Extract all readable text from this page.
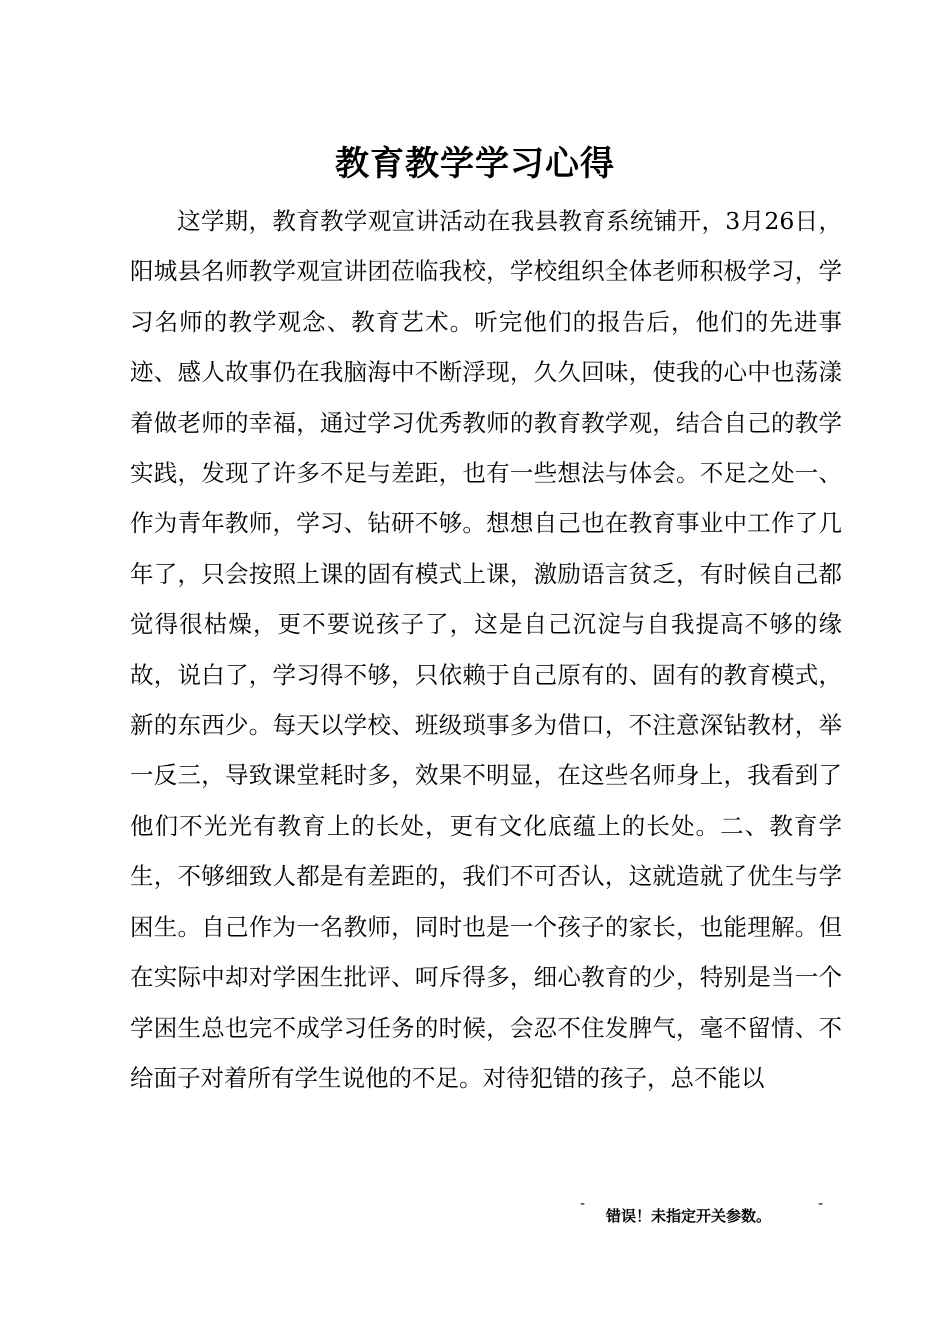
教育教学学习心得

这学期，教育教学观宣讲活动在我县教育系统铺开，3月26日，阳城县名师教学观宣讲团莅临我校，学校组织全体老师积极学习，学习名师的教学观念、教育艺术。听完他们的报告后，他们的先进事迹、感人故事仍在我脑海中不断浮现，久久回味，使我的心中也荡漾着做老师的幸福，通过学习优秀教师的教育教学观，结合自己的教学实践，发现了许多不足与差距，也有一些想法与体会。不足之处一、作为青年教师，学习、钻研不够。想想自己也在教育事业中工作了几年了，只会按照上课的固有模式上课，激励语言贫乏，有时候自己都觉得很枯燥，更不要说孩子了，这是自己沉淀与自我提高不够的缘故，说白了，学习得不够，只依赖于自己原有的、固有的教育模式，新的东西少。每天以学校、班级琐事多为借口，不注意深钻教材，举一反三，导致课堂耗时多，效果不明显，在这些名师身上，我看到了他们不光光有教育上的长处，更有文化底蕴上的长处。二、教育学生，不够细致人都是有差距的，我们不可否认，这就造就了优生与学困生。自己作为一名教师，同时也是一个孩子的家长，也能理解。但在实际中却对学困生批评、呵斥得多，细心教育的少，特别是当一个学困生总也完不成学习任务的时候，会忍不住发脾气，毫不留情、不给面子对着所有学生说他的不足。对待犯错的孩子，总不能以

-
错误！未指定开关参数。
-
